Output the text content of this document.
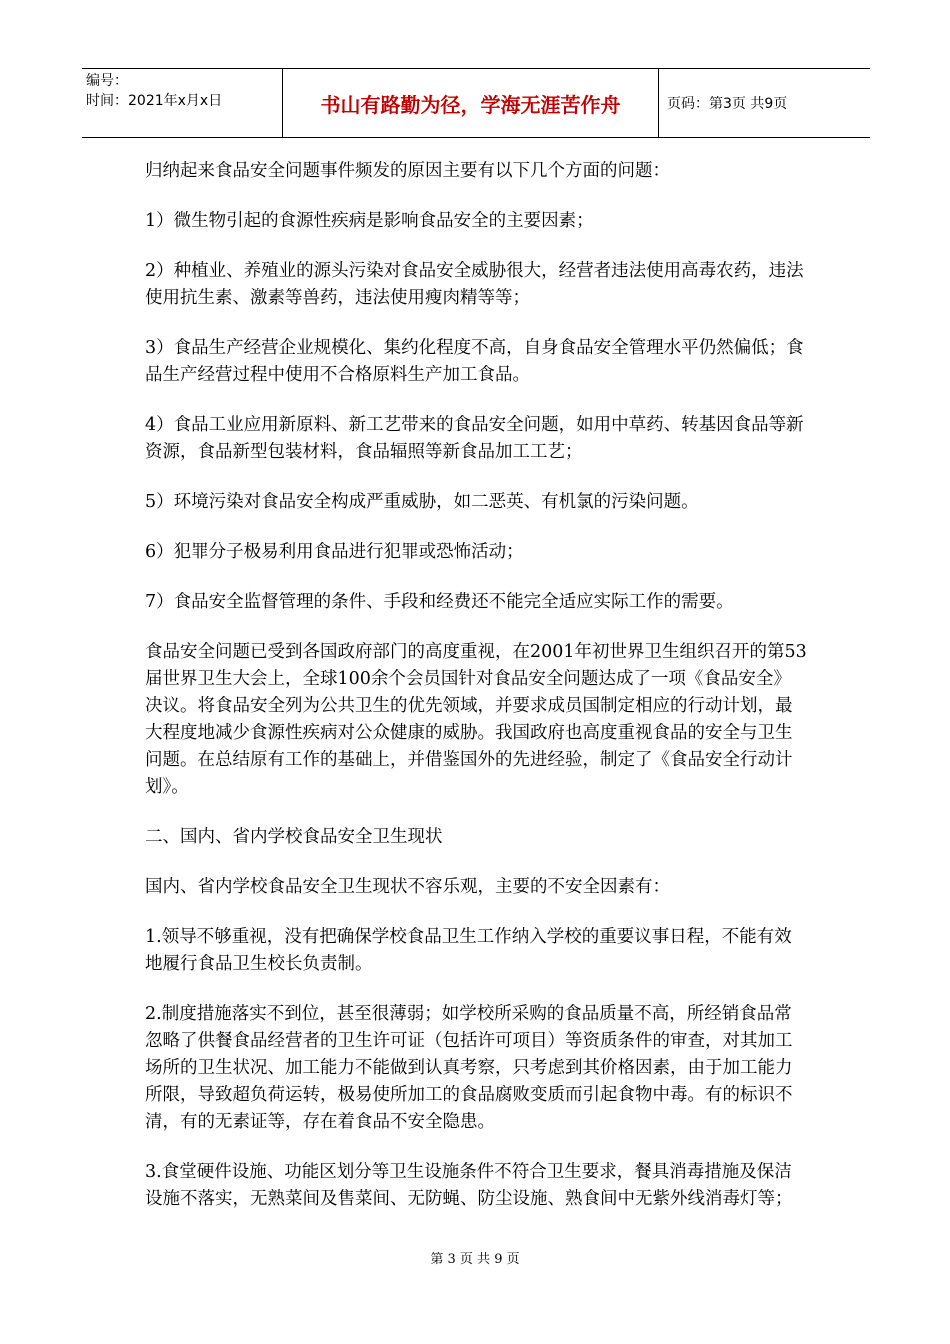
编号：
时间：2021年x月x日	书山有路勤为径，学海无涯苦作舟	页码：第3页 共9页

归纳起来食品安全问题事件频发的原因主要有以下几个方面的问题：

1）微生物引起的食源性疾病是影响食品安全的主要因素；

2）种植业、养殖业的源头污染对食品安全威胁很大，经营者违法使用高毒农药，违法使用抗生素、激素等兽药，违法使用瘦肉精等等；

3）食品生产经营企业规模化、集约化程度不高，自身食品安全管理水平仍然偏低；食品生产经营过程中使用不合格原料生产加工食品。

4）食品工业应用新原料、新工艺带来的食品安全问题，如用中草药、转基因食品等新资源，食品新型包装材料，食品辐照等新食品加工工艺；

5）环境污染对食品安全构成严重威胁，如二恶英、有机氯的污染问题。

6）犯罪分子极易利用食品进行犯罪或恐怖活动；

7）食品安全监督管理的条件、手段和经费还不能完全适应实际工作的需要。

食品安全问题已受到各国政府部门的高度重视，在2001年初世界卫生组织召开的第53届世界卫生大会上，全球100余个会员国针对食品安全问题达成了一项《食品安全》决议。将食品安全列为公共卫生的优先领域，并要求成员国制定相应的行动计划，最大程度地减少食源性疾病对公众健康的威胁。我国政府也高度重视食品的安全与卫生问题。在总结原有工作的基础上，并借鉴国外的先进经验，制定了《食品安全行动计划》。

二、国内、省内学校食品安全卫生现状

国内、省内学校食品安全卫生现状不容乐观，主要的不安全因素有：

1.领导不够重视，没有把确保学校食品卫生工作纳入学校的重要议事日程，不能有效地履行食品卫生校长负责制。

2.制度措施落实不到位，甚至很薄弱；如学校所采购的食品质量不高，所经销食品常忽略了供餐食品经营者的卫生许可证（包括许可项目）等资质条件的审查，对其加工场所的卫生状况、加工能力不能做到认真考察，只考虑到其价格因素，由于加工能力所限，导致超负荷运转，极易使所加工的食品腐败变质而引起食物中毒。有的标识不清，有的无素证等，存在着食品不安全隐患。

3.食堂硬件设施、功能区划分等卫生设施条件不符合卫生要求，餐具消毒措施及保洁设施不落实，无熟菜间及售菜间、无防蝇、防尘设施、熟食间中无紫外线消毒灯等；

第 3 页 共 9 页
